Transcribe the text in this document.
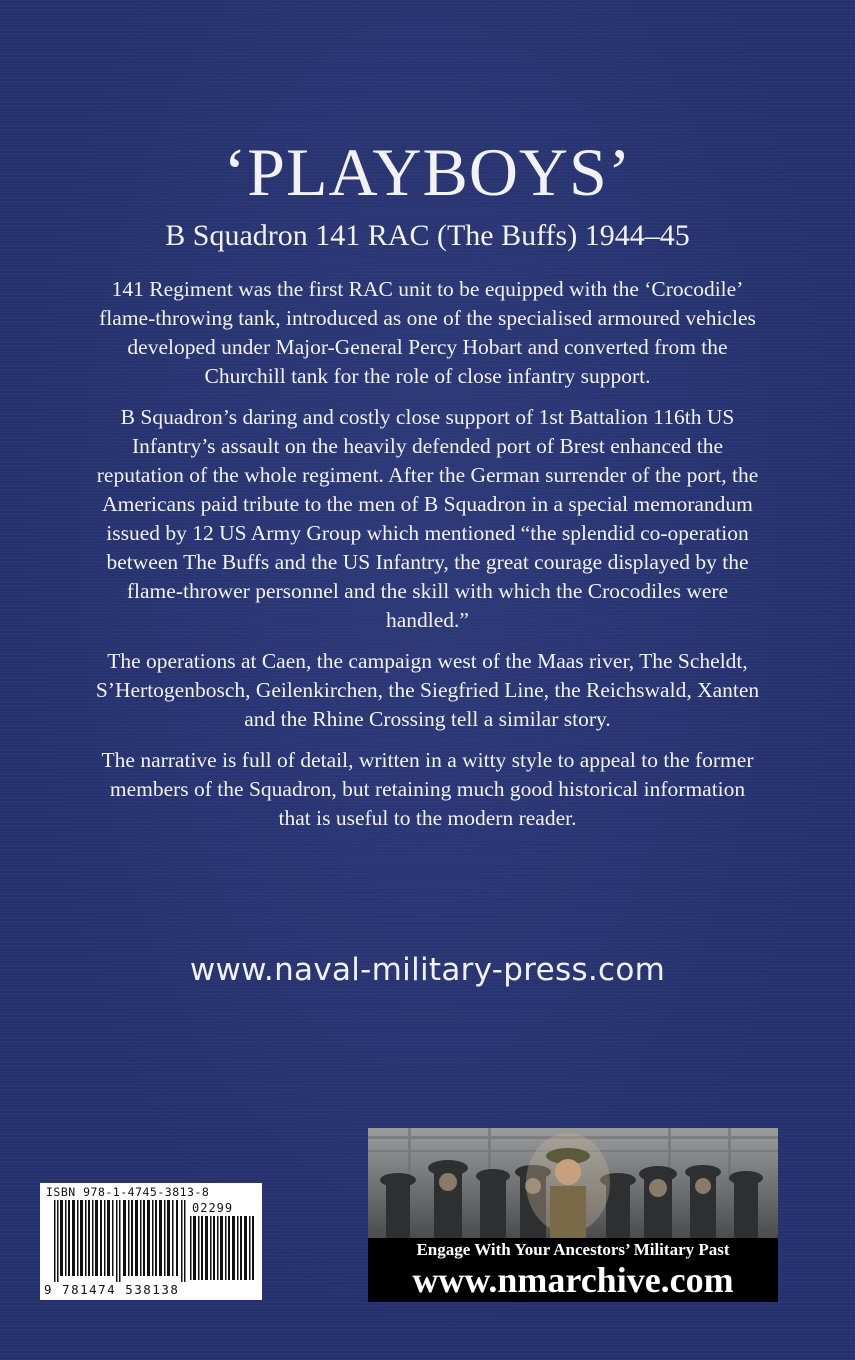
‘PLAYBOYS’
B Squadron 141 RAC (The Buffs) 1944–45

141 Regiment was the first RAC unit to be equipped with the ‘Crocodile’ flame-throwing tank, introduced as one of the specialised armoured vehicles developed under Major-General Percy Hobart and converted from the Churchill tank for the role of close infantry support.

B Squadron’s daring and costly close support of 1st Battalion 116th US Infantry’s assault on the heavily defended port of Brest enhanced the reputation of the whole regiment. After the German surrender of the port, the Americans paid tribute to the men of B Squadron in a special memorandum issued by 12 US Army Group which mentioned “the splendid co-operation between The Buffs and the US Infantry, the great courage displayed by the flame-thrower personnel and the skill with which the Crocodiles were handled.”

The operations at Caen, the campaign west of the Maas river, The Scheldt, S’Hertogenbosch, Geilenkirchen, the Siegfried Line, the Reichswald, Xanten and the Rhine Crossing tell a similar story.

The narrative is full of detail, written in a witty style to appeal to the former members of the Squadron, but retaining much good historical information that is useful to the modern reader.

www.naval-military-press.com
ISBN 978-1-4745-3813-8
02299
9 781474 538138
Engage With Your Ancestors’ Military Past
www.nmarchive.com
